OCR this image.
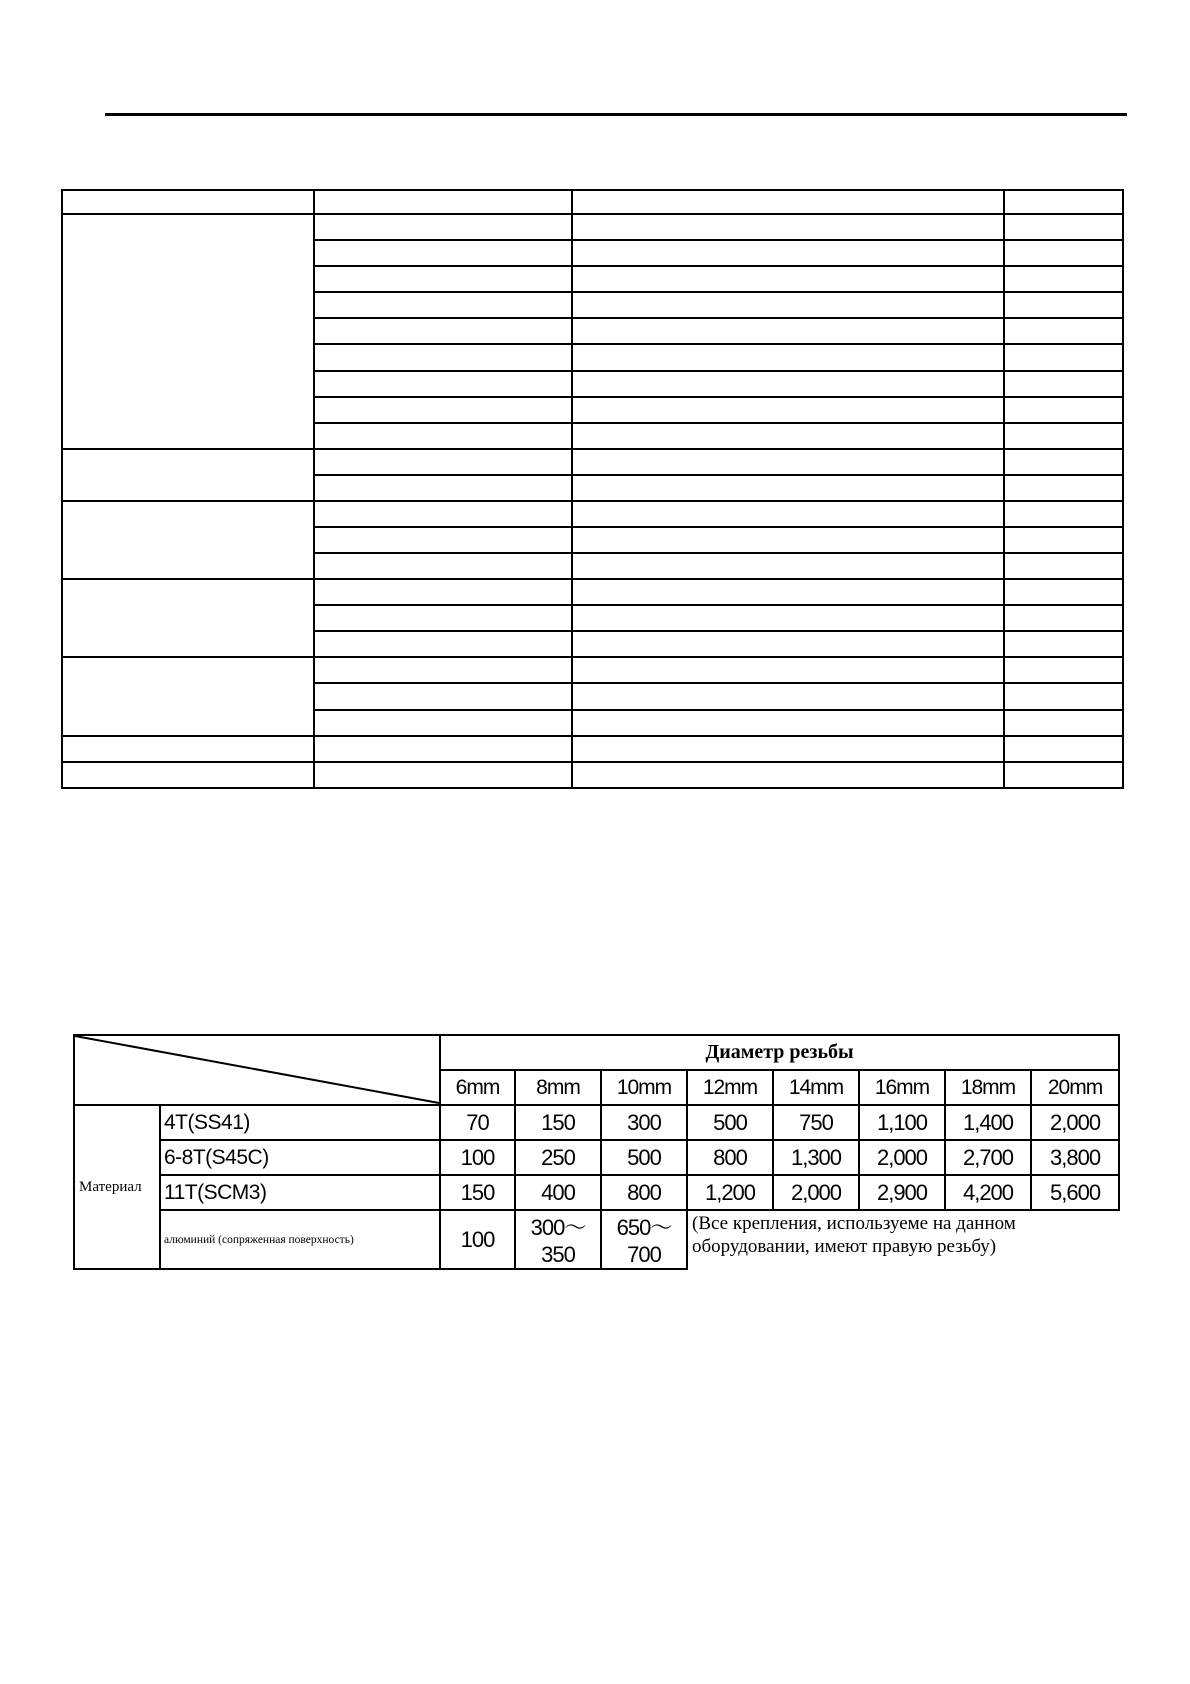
		Диаметр резьбы							
		6mm	8mm	10mm	12mm	14mm	16mm	18mm	20mm
Материал	4T(SS41)	70	150	300	500	750	1,100	1,400	2,000
	6-8T(S45C)	100	250	500	800	1,300	2,000	2,700	3,800
	11T(SCM3)	150	400	800	1,200	2,000	2,900	4,200	5,600
	алюминий (сопряженная поверхность)	100	300～350	650～700	(Все крепления, используеме на данном
оборудовании, имеют правую резьбу)				
